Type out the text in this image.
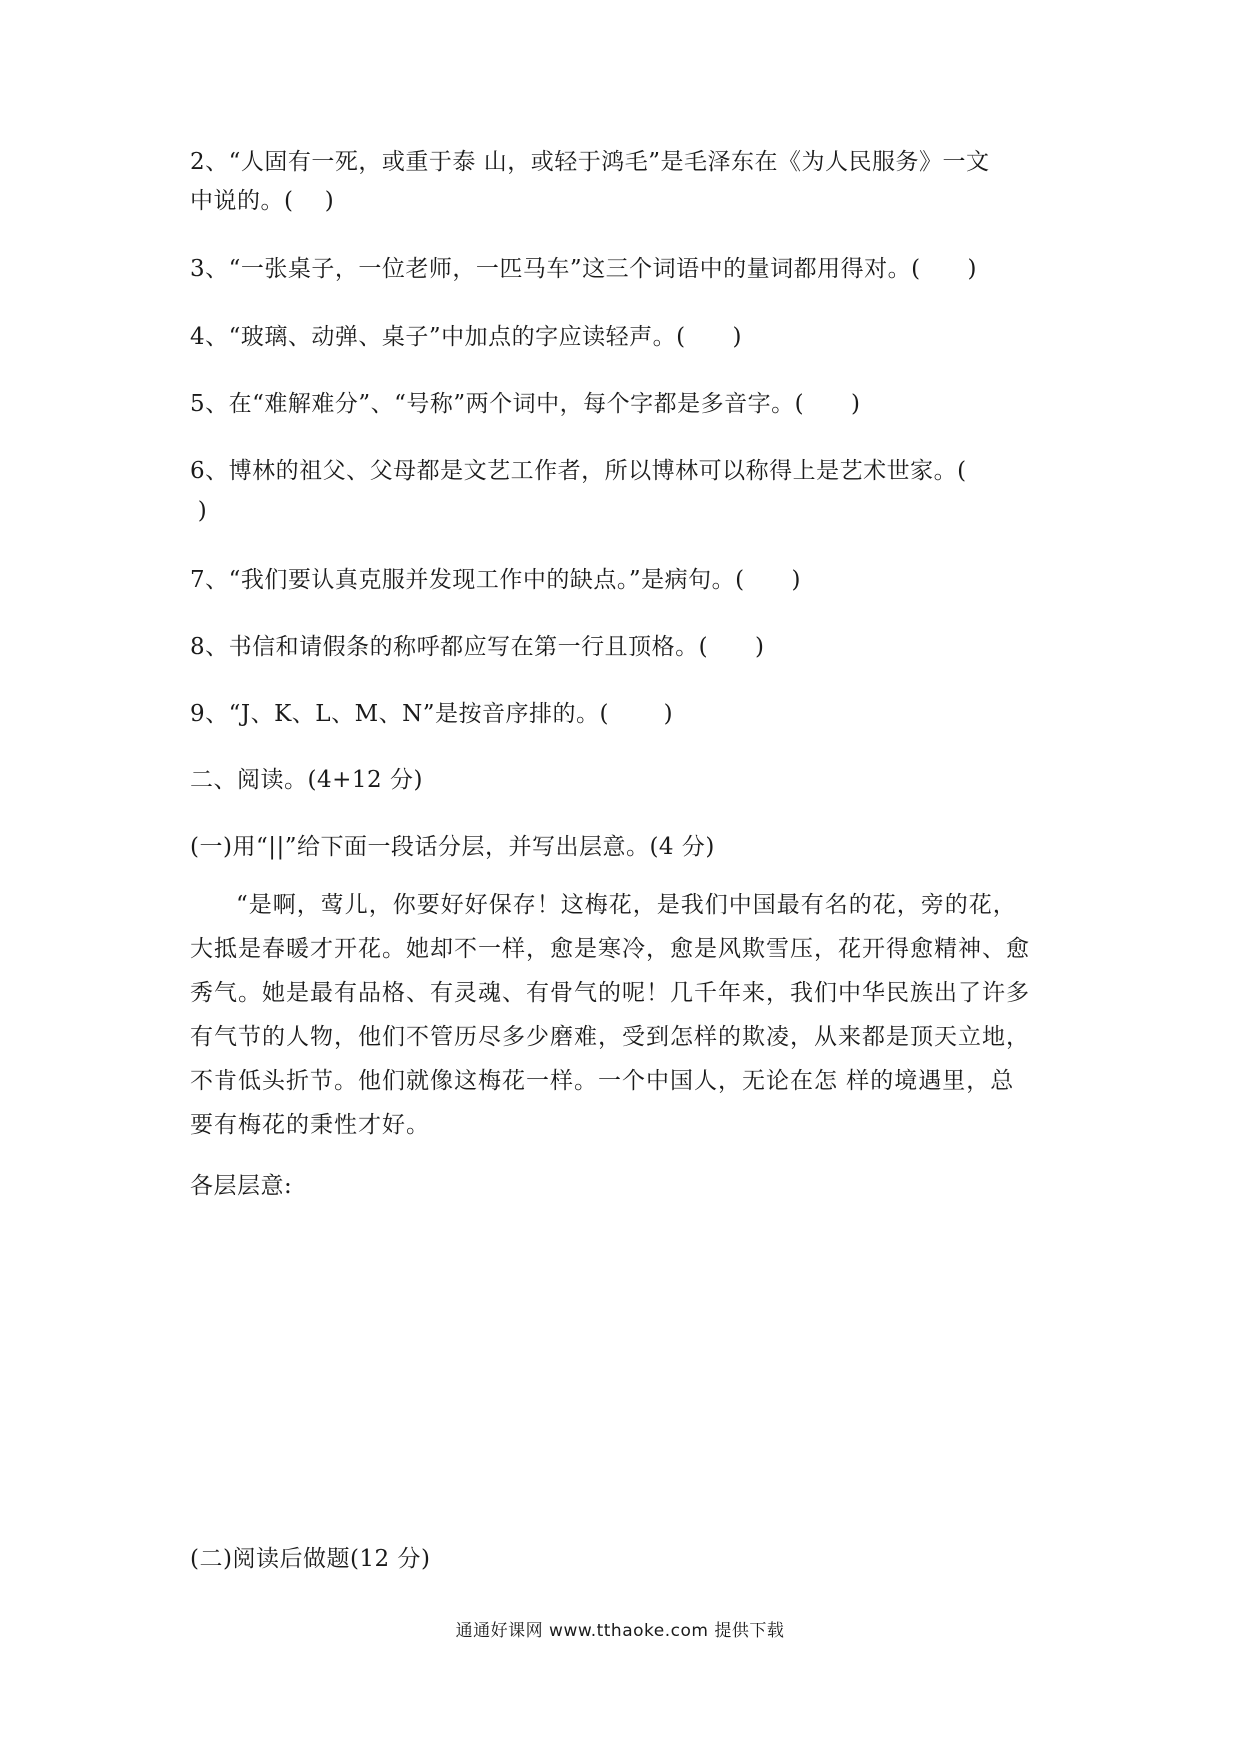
2、“人固有一死，或重于泰 山，或轻于鸿毛”是毛泽东在《为人民服务》一文
中说的。(    )
3、“一张桌子，一位老师，一匹马车”这三个词语中的量词都用得对。(      )
4、“玻璃、动弹、桌子”中加点的字应读轻声。(      )
5、在“难解难分”、“号称”两个词中，每个字都是多音字。(      )
6、博林的祖父、父母都是文艺工作者，所以博林可以称得上是艺术世家。(
)
7、“我们要认真克服并发现工作中的缺点。”是病句。(      )
8、书信和请假条的称呼都应写在第一行且顶格。(      )
9、“J、K、L、M、N”是按音序排的。(       )
二、阅读。(4+12 分)
(一)用“||”给下面一段话分层，并写出层意。(4 分)
“是啊，莺儿，你要好好保存！这梅花，是我们中国最有名的花，旁的花，
大抵是春暖才开花。她却不一样，愈是寒冷，愈是风欺雪压，花开得愈精神、愈
秀气。她是最有品格、有灵魂、有骨气的呢！几千年来，我们中华民族出了许多
有气节的人物，他们不管历尽多少磨难，受到怎样的欺凌，从来都是顶天立地，
不肯低头折节。他们就像这梅花一样。一个中国人，无论在怎 样的境遇里，总
要有梅花的秉性才好。
各层层意:
(二)阅读后做题(12 分)
通通好课网 www.tthaoke.com 提供下载
